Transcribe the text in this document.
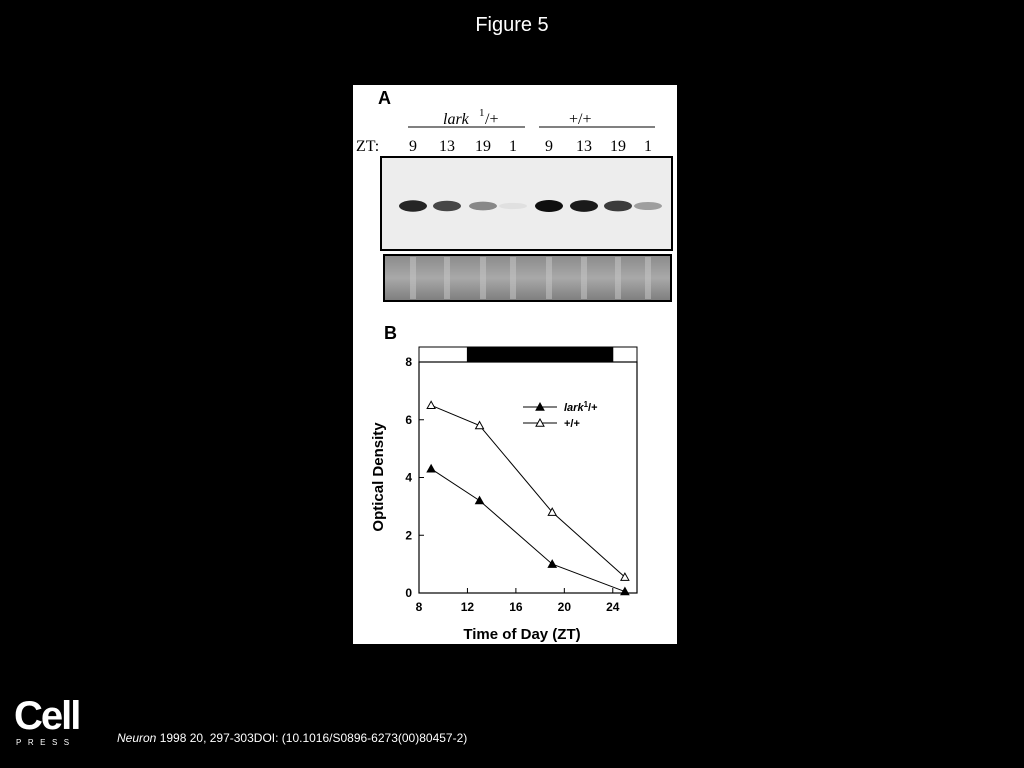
Figure 5
A
lark 1 /+	+/+
ZT: 9 13 19 1 9 13 19 1
B
0
2
4
6
8
8	12	16	20	24
lark$^1$/+
+/+
Time of Day (ZT)
Optical Density
Cell
PRESS	Neuron 1998 20, 297-303DOI: (10.1016/S0896-6273(00)80457-2)
